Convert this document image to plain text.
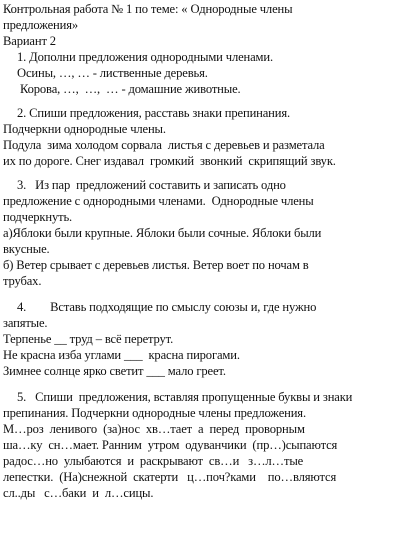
Контрольная работа № 1 по теме: « Однородные члены
предложения»
Вариант 2
1. Дополни предложения однородными членами.
Осины, …, … - лиственные деревья.
Корова, …,  …,  … - домашние животные.
2. Спиши предложения, расставь знаки препинания.
Подчеркни однородные члены.
Подула  зима холодом сорвала  листья с деревьев и разметала
их по дороге. Снег издавал  громкий  звонкий  скрипящий звук.
3.   Из пар  предложений составить и записать одно
предложение с однородными членами.  Однородные члены
подчеркнуть.
а)Яблоки были крупные. Яблоки были сочные. Яблоки были
вкусные.
б) Ветер срывает с деревьев листья. Ветер воет по ночам в
трубах.
4.        Вставь подходящие по смыслу союзы и, где нужно
запятые.
Терпенье __ труд – всё перетрут.
Не красна изба углами ___  красна пирогами.
Зимнее солнце ярко светит ___ мало греет.
5.   Спиши  предложения, вставляя пропущенные буквы и знаки
препинания. Подчеркни однородные члены предложения.
М…роз  ленивого  (за)нос  хв…тает  а  перед  проворным
ша…ку  сн…мает. Ранним  утром  одуванчики  (пр…)сыпаются
радос…но  улыбаются  и  раскрывают  св…и   з…л…тые
лепестки.  (На)снежной  скатерти   ц…поч?ками    по…вляются
сл..ды   с…баки  и  л…сицы.
